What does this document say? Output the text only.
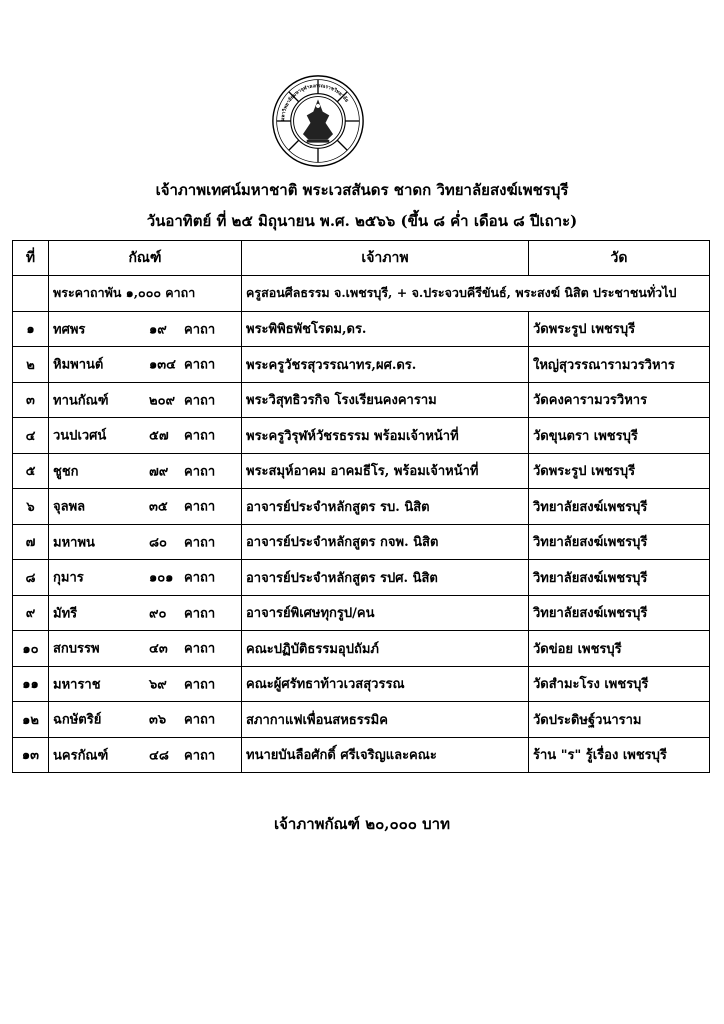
มหาวิทยาลัยมหาจุฬาลงกรณราชวิทยาลัย
เจ้าภาพเทศน์มหาชาติ พระเวสสันดร ชาดก วิทยาลัยสงฆ์เพชรบุรี
วันอาทิตย์ ที่ ๒๕ มิถุนายน พ.ศ. ๒๕๖๖ (ขึ้น ๘ ค่ำ เดือน ๘ ปีเถาะ)
ที่	กัณฑ์	เจ้าภาพ	วัด
	พระคาถาพัน ๑,๐๐๐ คาถา	ครูสอนศีลธรรม จ.เพชรบุรี, + จ.ประจวบคีรีขันธ์, พระสงฆ์ นิสิต ประชาชนทั่วไป	
๑	ทศพร ๑๙ คาถา	พระพิพิธพัชโรดม,ดร.	วัดพระรูป เพชรบุรี
๒	หิมพานต์ ๑๓๔ คาถา	พระครูวัชรสุวรรณาทร,ผศ.ดร.	ใหญ่สุวรรณารามวรวิหาร
๓	ทานกัณฑ์ ๒๐๙ คาถา	พระวิสุทธิวรกิจ โรงเรียนคงคาราม	วัดคงคารามวรวิหาร
๔	วนปเวศน์ ๕๗ คาถา	พระครูวิรุฬห์วัชรธรรม พร้อมเจ้าหน้าที่	วัดขุนตรา เพชรบุรี
๕	ชูชก ๗๙ คาถา	พระสมุห์อาคม อาคมธีโร, พร้อมเจ้าหน้าที่	วัดพระรูป เพชรบุรี
๖	จุลพล ๓๕ คาถา	อาจารย์ประจำหลักสูตร รบ. นิสิต	วิทยาลัยสงฆ์เพชรบุรี
๗	มหาพน ๘๐ คาถา	อาจารย์ประจำหลักสูตร กจพ. นิสิต	วิทยาลัยสงฆ์เพชรบุรี
๘	กุมาร ๑๐๑ คาถา	อาจารย์ประจำหลักสูตร รปศ. นิสิต	วิทยาลัยสงฆ์เพชรบุรี
๙	มัทรี ๙๐ คาถา	อาจารย์พิเศษทุกรูป/คน	วิทยาลัยสงฆ์เพชรบุรี
๑๐	สกบรรพ ๔๓ คาถา	คณะปฏิบัติธรรมอุปถัมภ์	วัดข่อย เพชรบุรี
๑๑	มหาราช ๖๙ คาถา	คณะผู้ศรัทธาท้าวเวสสุวรรณ	วัดสำมะโรง เพชรบุรี
๑๒	ฉกษัตริย์ ๓๖ คาถา	สภากาแฟเพื่อนสหธรรมิค	วัดประดิษฐ์วนาราม
๑๓	นครกัณฑ์ ๔๘ คาถา	ทนายบันลือศักดิ์ ศรีเจริญและคณะ	ร้าน "ร" รู้เรื่อง เพชรบุรี
เจ้าภาพกัณฑ์ ๒๐,๐๐๐ บาท
